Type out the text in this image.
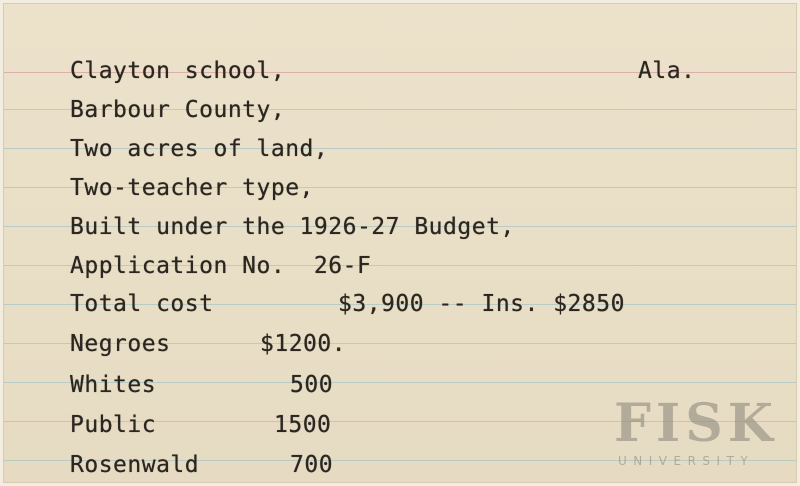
Clayton school,	Ala.
Barbour County,
Two acres of land,
Two-teacher type,
Built under the 1926-27 Budget,
Application No.  26-F
Total cost	$3,900 -- Ins. $2850
Negroes	$1200.
Whites	500
Public	1500
Rosenwald	700
FISK
UNIVERSITY
